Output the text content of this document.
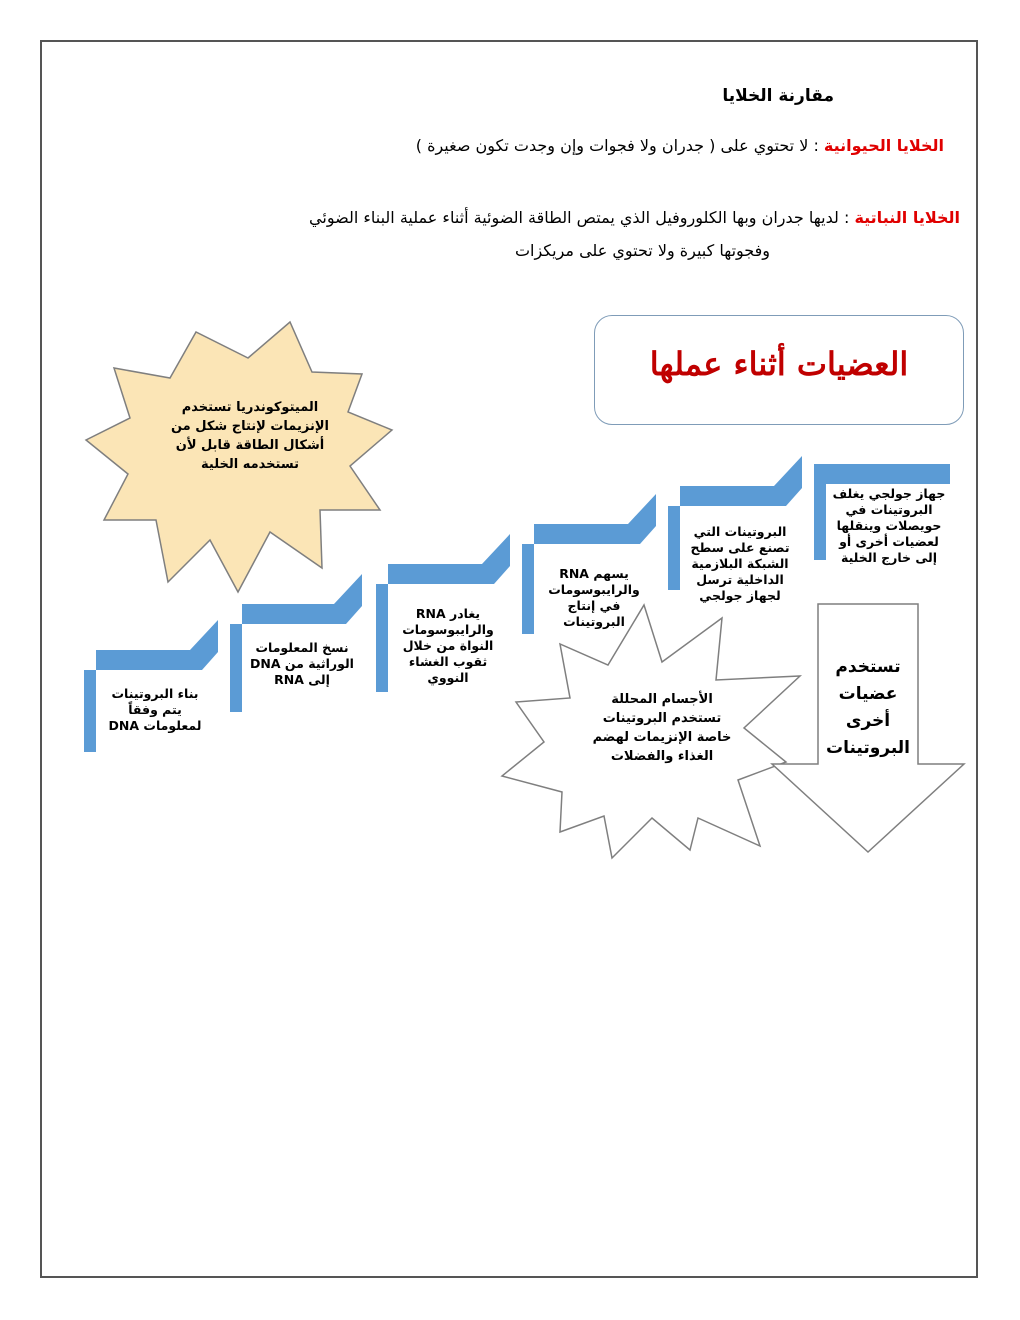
مقارنة الخلايا
الخلايا الحيوانية : لا تحتوي على ( جدران ولا فجوات وإن وجدت تكون صغيرة )
الخلايا النباتية : لديها جدران وبها الكلوروفيل الذي يمتص الطاقة الضوئية أثناء عملية البناء الضوئي
وفجوتها كبيرة ولا تحتوي على مريكزات
العضيات أثناء عملها
الميتوكوندريا تستخدم الإنزيمات لإنتاج شكل من أشكال الطاقة قابل لأن تستخدمه الخلية
الأجسام المحللة تستخدم البروتينات خاصة الإنزيمات لهضم الغذاء والفضلات
تستخدم عضيات أخرى البروتينات
بناء البروتينات يتم وفقاً لمعلومات DNA
نسخ المعلومات الوراثية من DNA إلى RNA
يغادر RNA والرايبوسومات النواة من خلال ثقوب الغشاء النووي
يسهم RNA والرايبوسومات في إنتاج البروتينات
البروتينات التي تصنع على سطح الشبكة البلازمية الداخلية ترسل لجهاز جولجي
جهاز جولجي يغلف البروتينات في حويصلات وينقلها لعضيات أخرى أو إلى خارج الخلية
